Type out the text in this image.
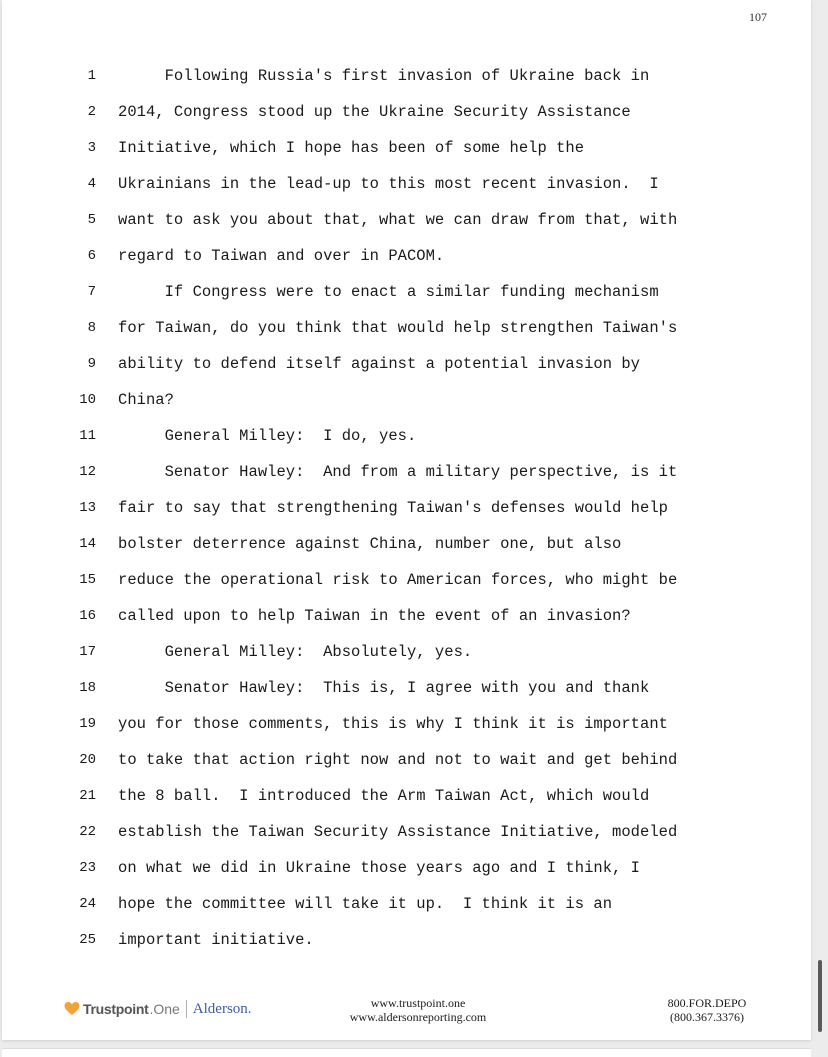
107
1 Following Russia's first invasion of Ukraine back in
2 2014, Congress stood up the Ukraine Security Assistance
3 Initiative, which I hope has been of some help the
4 Ukrainians in the lead-up to this most recent invasion.  I
5 want to ask you about that, what we can draw from that, with
6 regard to Taiwan and over in PACOM.
7 If Congress were to enact a similar funding mechanism
8 for Taiwan, do you think that would help strengthen Taiwan's
9 ability to defend itself against a potential invasion by
10 China?
11 General Milley:  I do, yes.
12 Senator Hawley:  And from a military perspective, is it
13 fair to say that strengthening Taiwan's defenses would help
14 bolster deterrence against China, number one, but also
15 reduce the operational risk to American forces, who might be
16 called upon to help Taiwan in the event of an invasion?
17 General Milley:  Absolutely, yes.
18 Senator Hawley:  This is, I agree with you and thank
19 you for those comments, this is why I think it is important
20 to take that action right now and not to wait and get behind
21 the 8 ball.  I introduced the Arm Taiwan Act, which would
22 establish the Taiwan Security Assistance Initiative, modeled
23 on what we did in Ukraine those years ago and I think, I
24 hope the committee will take it up.  I think it is an
25 important initiative.
Trustpoint .One Alderson.	www.trustpoint.one
www.aldersonreporting.com
800.FOR.DEPO
(800.367.3376)
